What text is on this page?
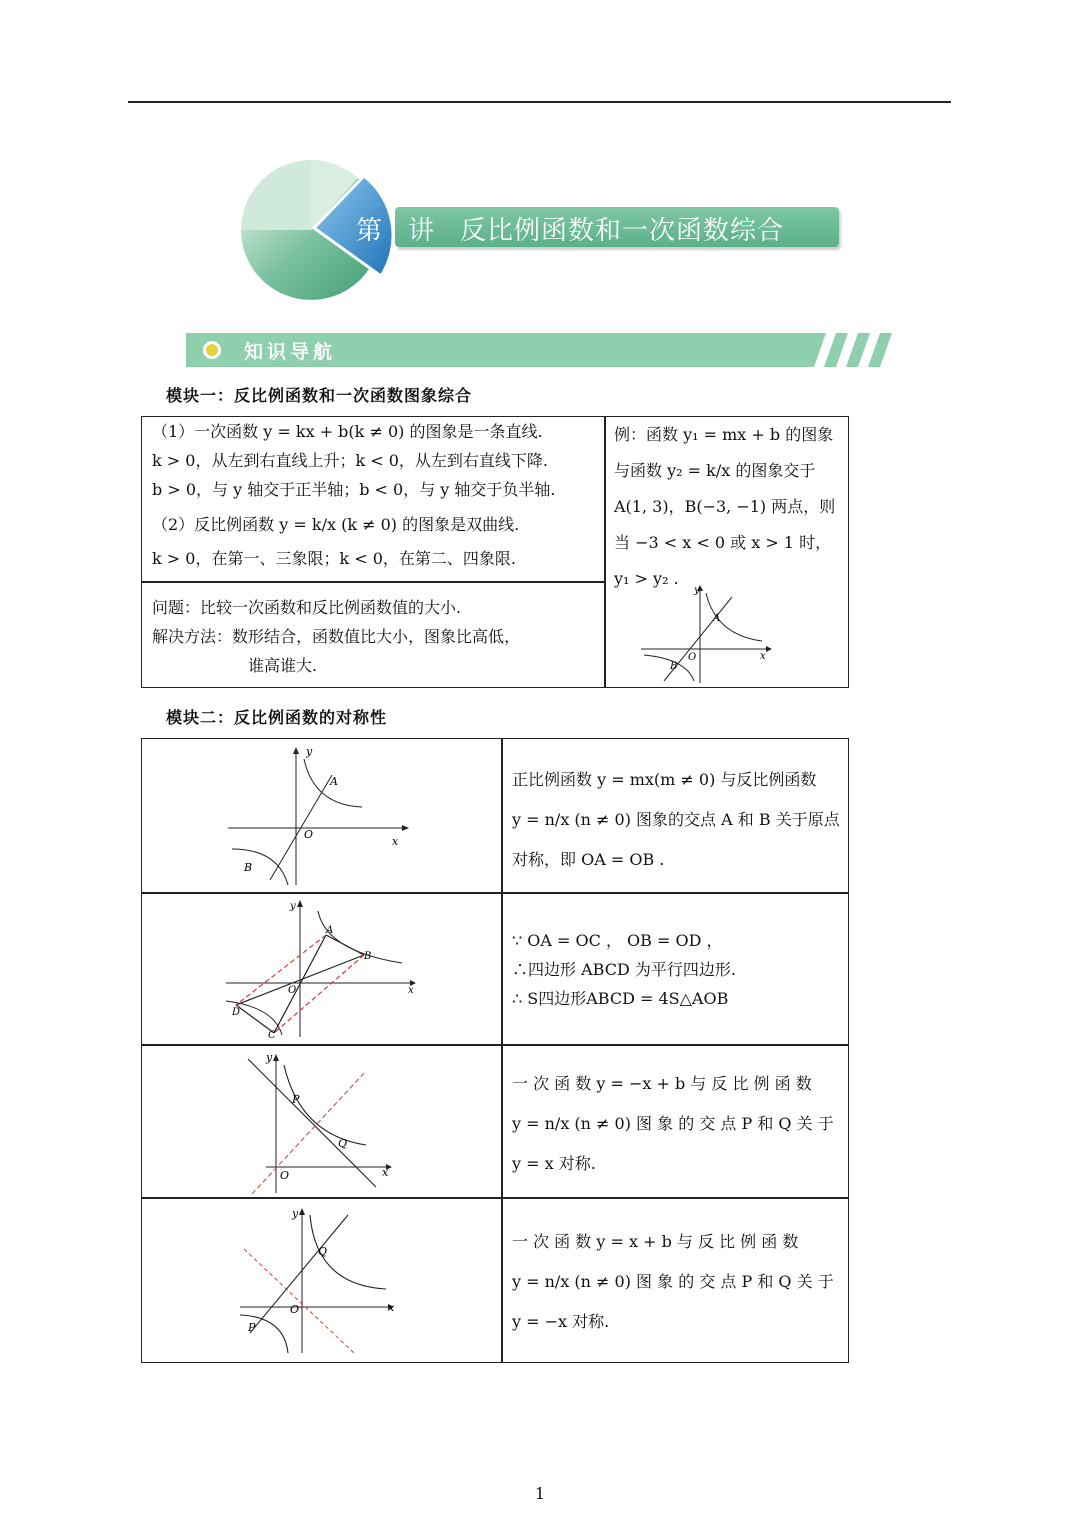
第 讲 反比例函数和一次函数综合
知识导航
模块一：反比例函数和一次函数图象综合
（1）一次函数 y = kx + b(k ≠ 0) 的图象是一条直线.
k > 0，从左到右直线上升；k < 0，从左到右直线下降.
b > 0，与 y 轴交于正半轴；b < 0，与 y 轴交于负半轴.
（2）反比例函数 y = k/x (k ≠ 0) 的图象是双曲线.
k > 0，在第一、三象限；k < 0，在第二、四象限.
问题：比较一次函数和反比例函数值的大小.
解决方法：数形结合，函数值比大小，图象比高低，
谁高谁大.
例：函数 y₁ = mx + b 的图象
与函数 y₂ = k/x 的图象交于
A(1, 3)，B(−3, −1) 两点，则
当 −3 < x < 0 或 x > 1 时，
y₁ > y₂ .
y
x
O
A
B
模块二：反比例函数的对称性
y
x
O
A
B
正比例函数 y = mx(m ≠ 0) 与反比例函数
y = n/x (n ≠ 0) 图象的交点 A 和 B 关于原点
对称，即 OA = OB .
y
x
O
A
B
C
D
∵ OA = OC ， OB = OD ，
∴四边形 ABCD 为平行四边形.
∴ S四边形ABCD = 4S△AOB
y
x
O
P
Q
一 次 函 数 y = −x + b 与 反 比 例 函 数
y = n/x (n ≠ 0) 图 象 的 交 点 P 和 Q 关 于
y = x 对称.
y
x
O
Q
P
一 次 函 数 y = x + b 与 反 比 例 函 数
y = n/x (n ≠ 0) 图 象 的 交 点 P 和 Q 关 于
y = −x 对称.
1
